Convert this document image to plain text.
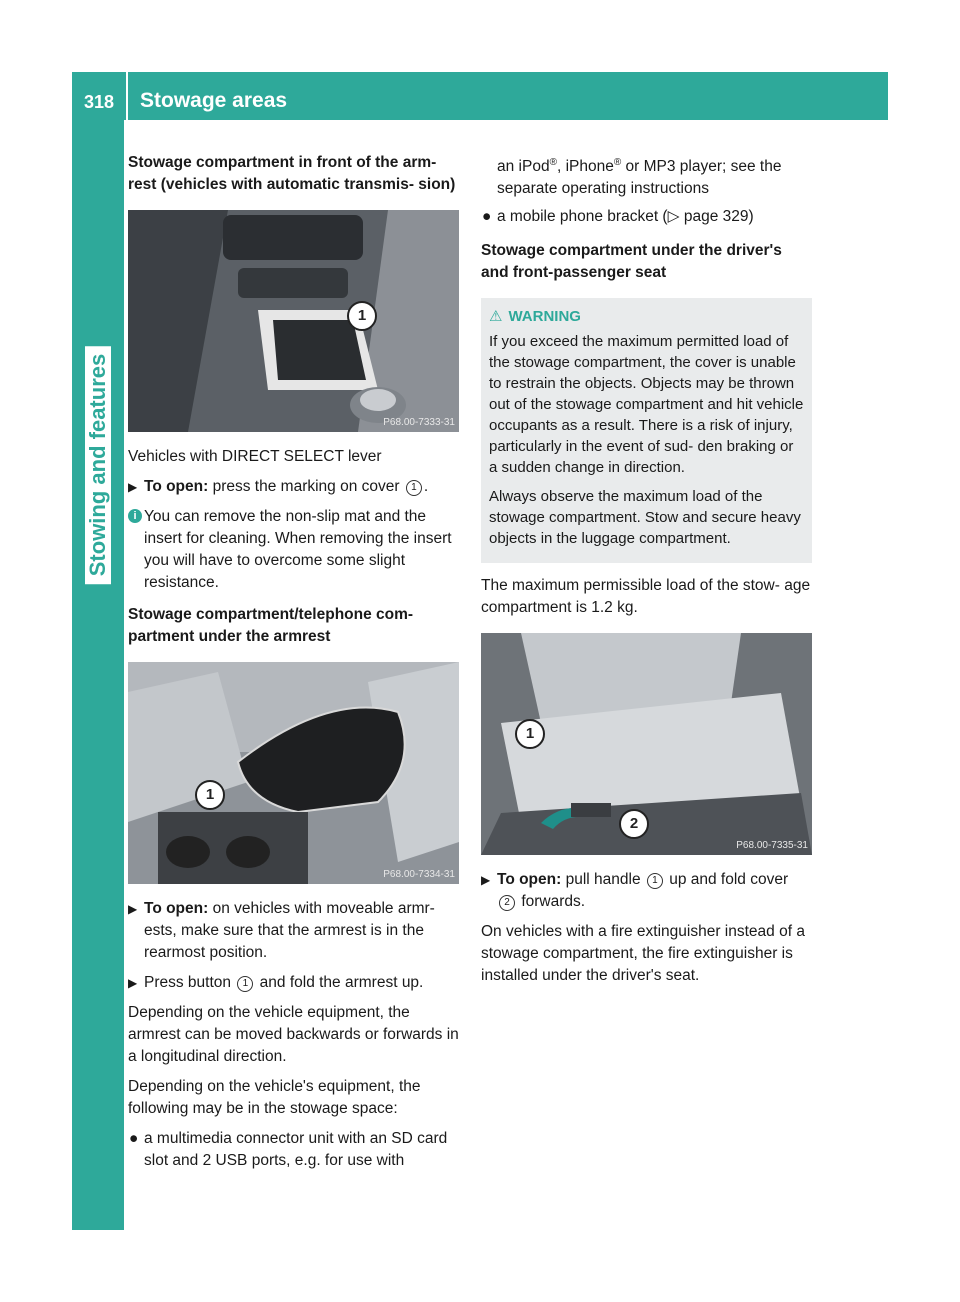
318	Stowage areas
Stowing and features
Stowage compartment in front of the arm- rest (vehicles with automatic transmis- sion)
1
P68.00-7333-31

Vehicles with DIRECT SELECT lever

▶ To open: press the marking on cover 1 .
i You can remove the non-slip mat and the insert for cleaning. When removing the insert you will have to overcome some slight resistance.
Stowage compartment/telephone com- partment under the armrest
1
P68.00-7334-31
▶ To open: on vehicles with moveable armr- ests, make sure that the armrest is in the rearmost position.
▶ Press button 1 and fold the armrest up.

Depending on the vehicle equipment, the armrest can be moved backwards or forwards in a longitudinal direction.

Depending on the vehicle's equipment, the following may be in the stowage space:

● a multimedia connector unit with an SD card slot and 2 USB ports, e.g. for use with
an iPod®, iPhone® or MP3 player; see the separate operating instructions
● a mobile phone bracket (▷ page 329)
Stowage compartment under the driver's and front-passenger seat
⚠ WARNING

If you exceed the maximum permitted load of the stowage compartment, the cover is unable to restrain the objects. Objects may be thrown out of the stowage compartment and hit vehicle occupants as a result. There is a risk of injury, particularly in the event of sud- den braking or a sudden change in direction.

Always observe the maximum load of the stowage compartment. Stow and secure heavy objects in the luggage compartment.

The maximum permissible load of the stow- age compartment is 1.2 kg.

1
2
P68.00-7335-31
▶ To open: pull handle 1 up and fold cover 2 forwards.

On vehicles with a fire extinguisher instead of a stowage compartment, the fire extinguisher is installed under the driver's seat.
